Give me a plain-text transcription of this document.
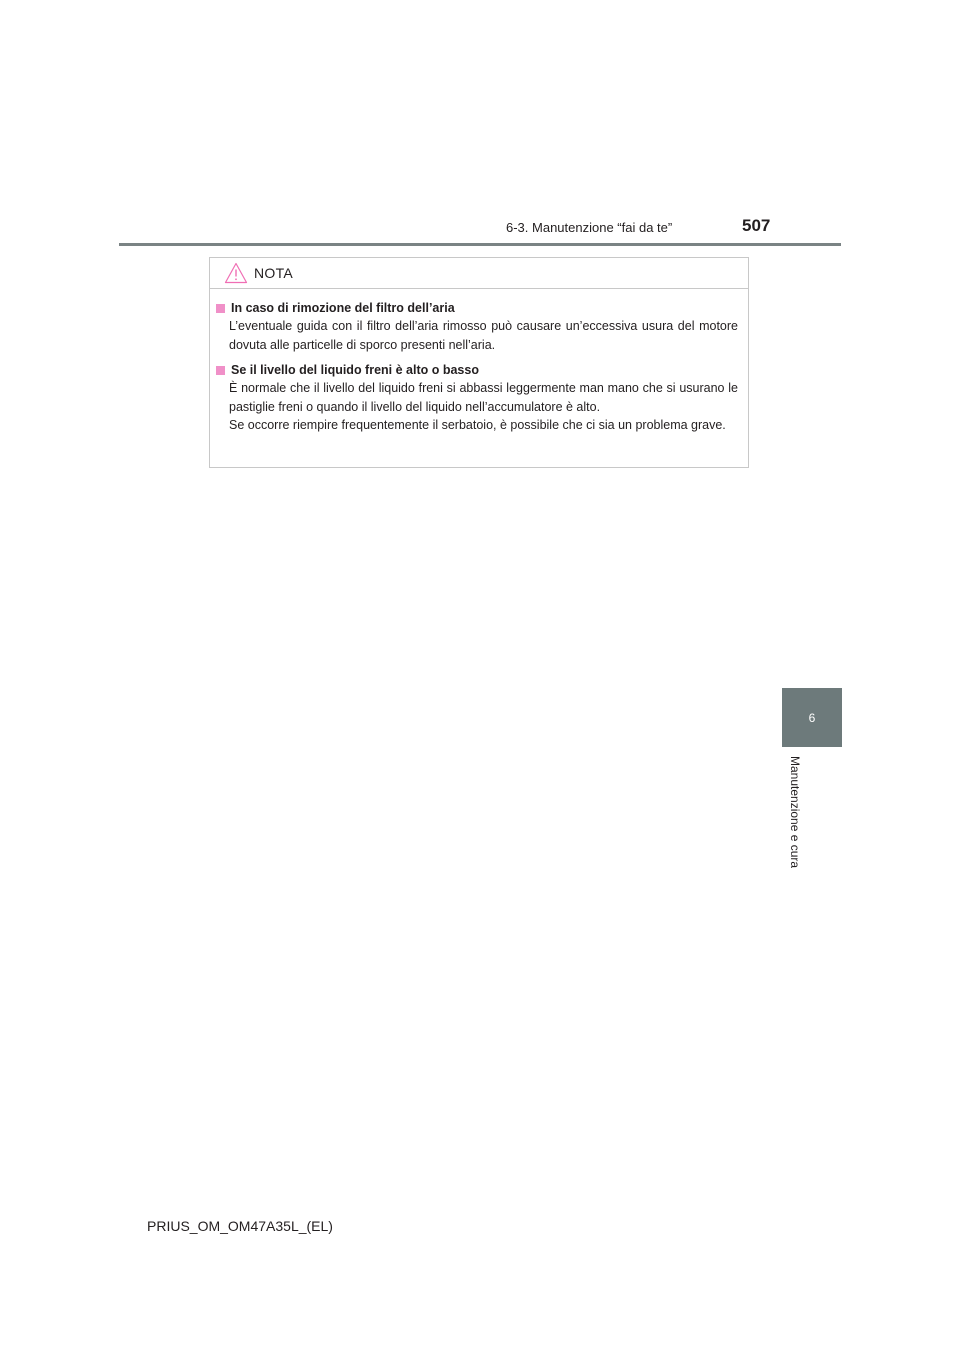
6-3. Manutenzione “fai da te”	507
6
Manutenzione e cura
NOTA
In caso di rimozione del filtro dell’aria
L’eventuale guida con il filtro dell’aria rimosso può causare un’eccessiva usura del motore dovuta alle particelle di sporco presenti nell’aria.
Se il livello del liquido freni è alto o basso
È normale che il livello del liquido freni si abbassi leggermente man mano che si usurano le pastiglie freni o quando il livello del liquido nell’accumulatore è alto.
Se occorre riempire frequentemente il serbatoio, è possibile che ci sia un problema grave.
PRIUS_OM_OM47A35L_(EL)
